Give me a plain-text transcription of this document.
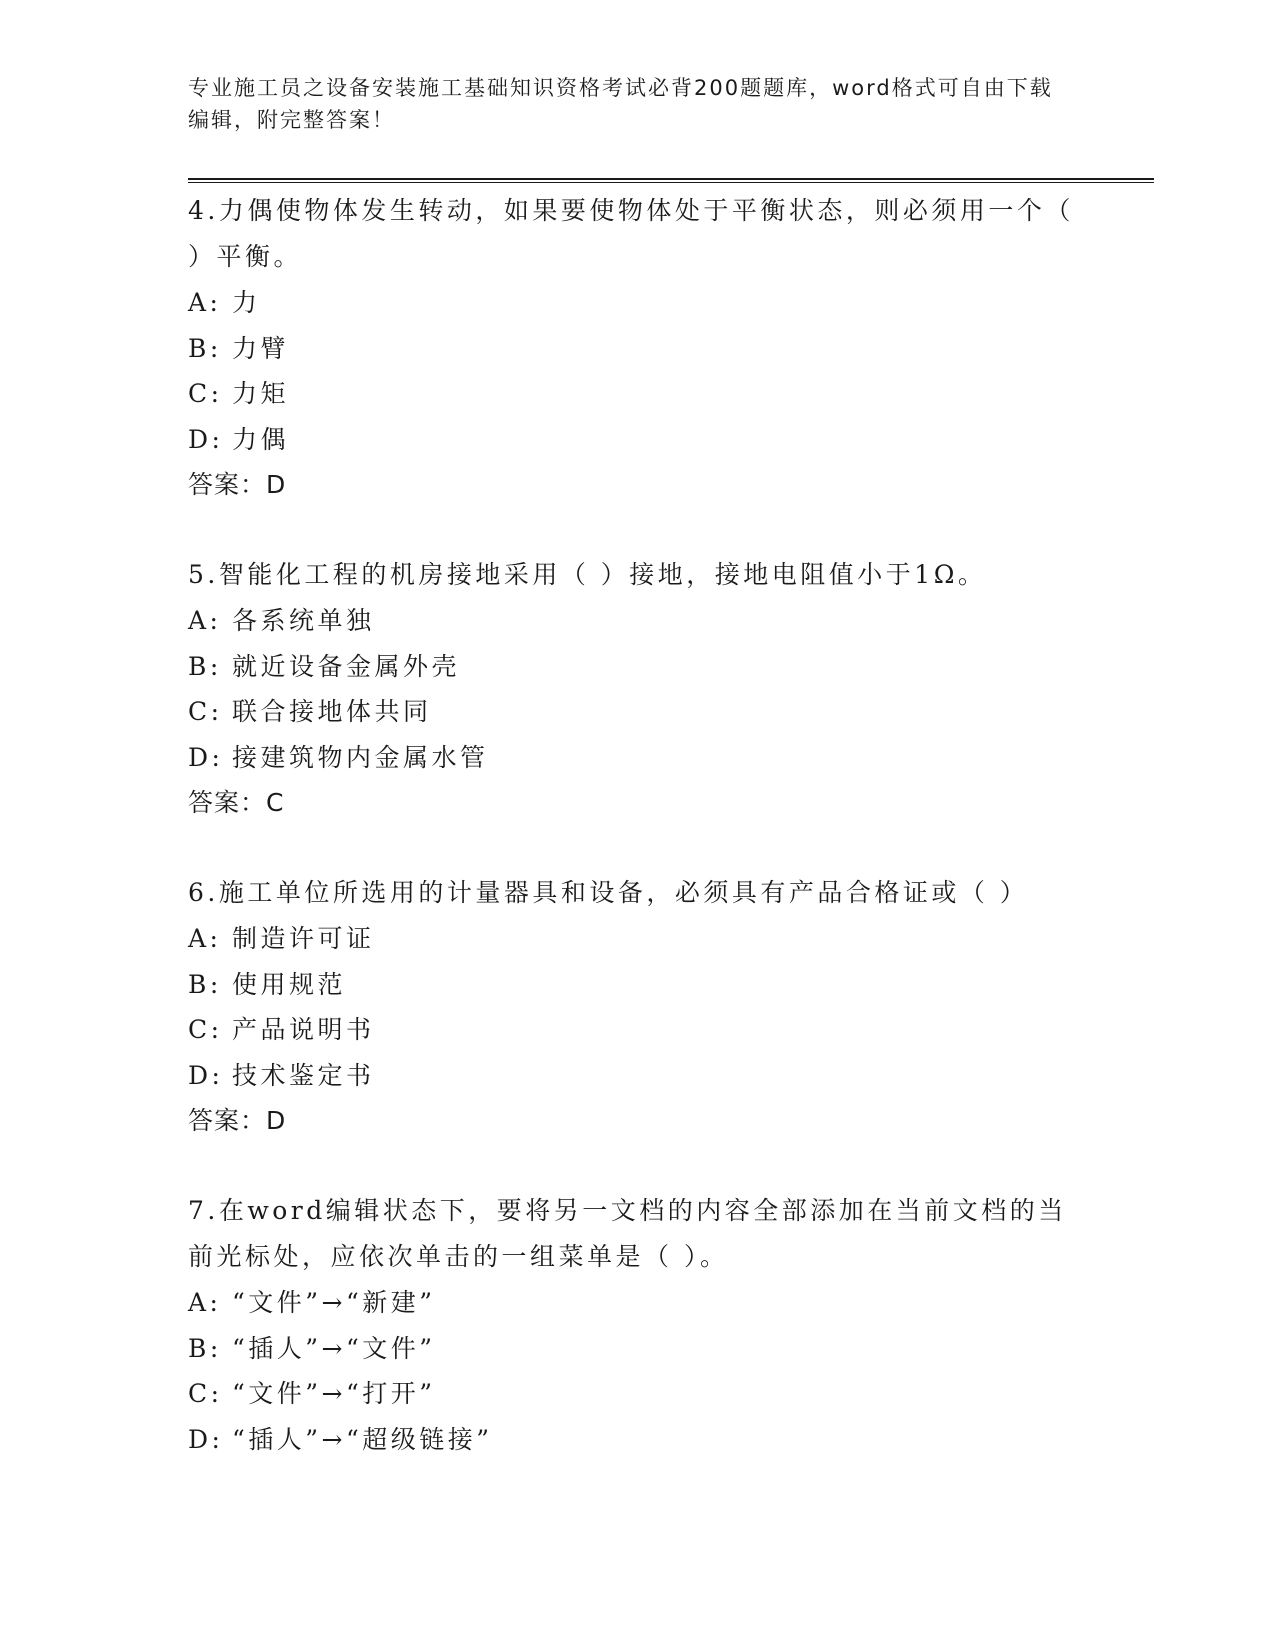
专业施工员之设备安装施工基础知识资格考试必背200题题库，word格式可自由下载编辑，附完整答案！

4.力偶使物体发生转动，如果要使物体处于平衡状态，则必须用一个（ ）平衡。

A: 力

B: 力臂

C: 力矩

D: 力偶

答案：D

5.智能化工程的机房接地采用（ ）接地，接地电阻值小于1Ω。

A: 各系统单独

B: 就近设备金属外壳

C: 联合接地体共同

D: 接建筑物内金属水管

答案：C

6.施工单位所选用的计量器具和设备，必须具有产品合格证或（ ）

A: 制造许可证

B: 使用规范

C: 产品说明书

D: 技术鉴定书

答案：D

7.在word编辑状态下，要将另一文档的内容全部添加在当前文档的当前光标处，应依次单击的一组菜单是（ ）。

A: “文件”→“新建”

B: “插人”→“文件”

C: “文件”→“打开”

D: “插人”→“超级链接”
